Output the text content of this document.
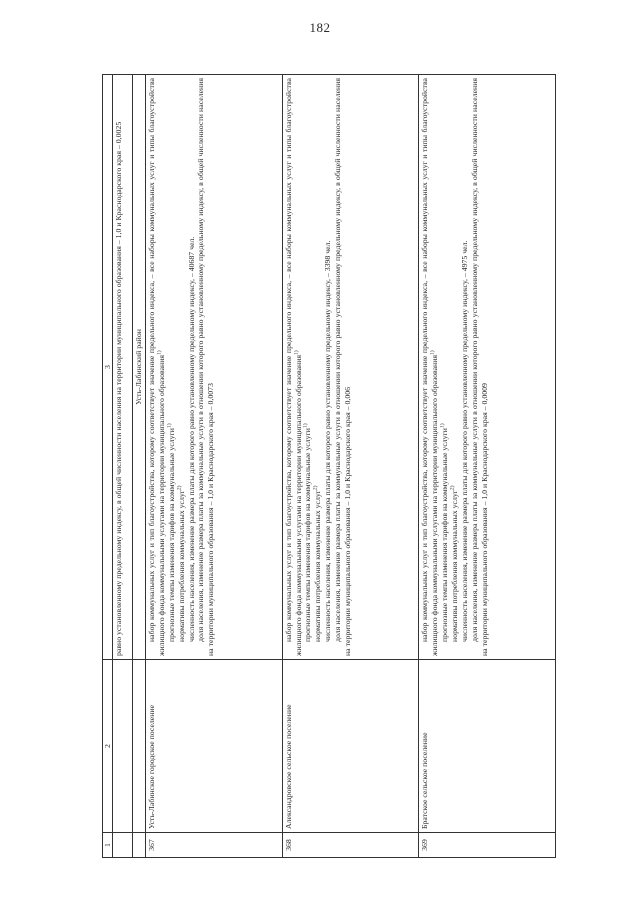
182
1	2	3

		равно установленному предельному индексу, в общей численности населения на территории муниципального образования – 1,0 и Краснодарского края – 0,0025

		Усть-Лабинский район
367	Усть-Лабинское городское поселение	набор коммунальных услуг и тип благоустройства, которому соответствует значение предельного индекса, – все наборы коммунальных услуг и типы благоустройства жилищного фонда коммунальными услугами на территории муниципального образования$^{1)}$

прогнозные темпы изменения тарифов на коммунальные услуги$^{1)}$

нормативы потребления коммунальных услуг$^{2)}$ численность населения, изменение размера платы для которого равно установленному предельному индексу, – 40687 чел. доля населения, изменение размера платы за коммунальные услуги в отношении которого равно установленному предельному индексу, в общей численности населения на территории муниципального образования – 1,0 и Краснодарского края – 0,0073

368	Александровское сельское поселение	набор коммунальных услуг и тип благоустройства, которому соответствует значение предельного индекса, – все наборы коммунальных услуг и типы благоустройства жилищного фонда коммунальными услугами на территории муниципального образования$^{1)}$

прогнозные темпы изменения тарифов на коммунальные услуги$^{1)}$

нормативы потребления коммунальных услуг$^{2)}$ численность населения, изменение размера платы для которого равно установленному предельному индексу, – 3398 чел. доля населения, изменение размера платы за коммунальные услуги в отношении которого равно установленному предельному индексу, в общей численности населения на территории муниципального образования – 1,0 и Краснодарского края – 0,006

369	Братское сельское поселение	набор коммунальных услуг и тип благоустройства, которому соответствует значение предельного индекса, – все наборы коммунальных услуг и типы благоустройства жилищного фонда коммунальными услугами на территории муниципального образования$^{1)}$

прогнозные темпы изменения тарифов на коммунальные услуги$^{1)}$

нормативы потребления коммунальных услуг$^{2)}$ численность населения, изменение размера платы для которого равно установленному предельному индексу, – 4975 чел. доля населения, изменение размера платы за коммунальные услуги в отношении которого равно установленному предельному индексу, в общей численности населения на территории муниципального образования – 1,0 и Краснодарского края – 0,0009
